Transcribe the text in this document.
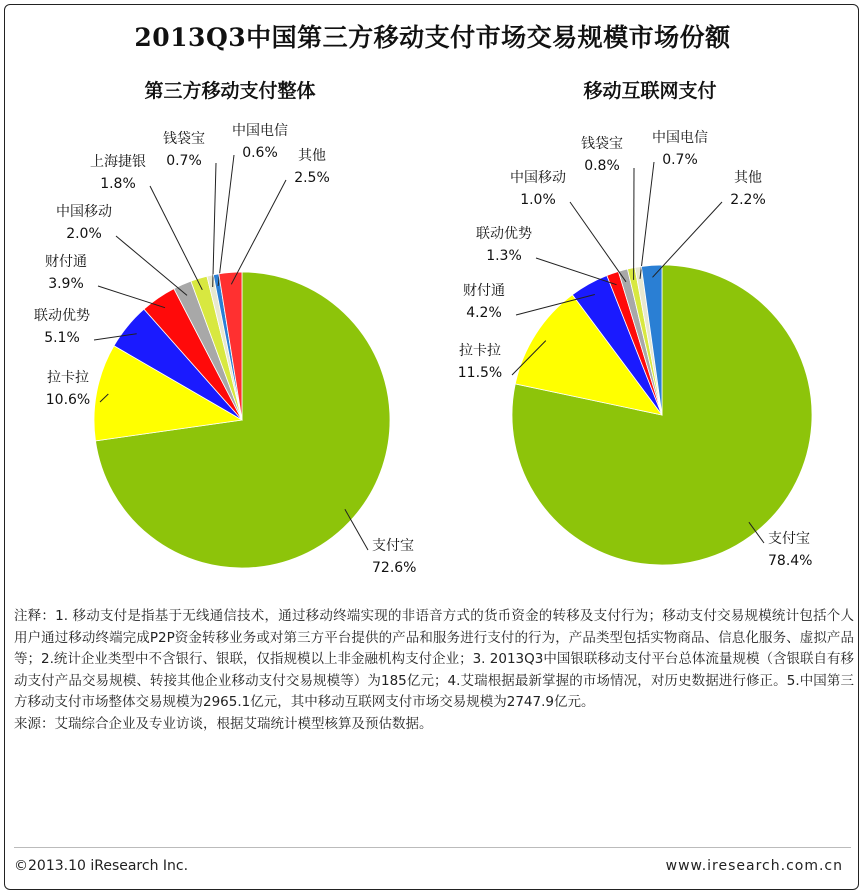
2013Q3中国第三方移动支付市场交易规模市场份额
第三方移动支付整体	移动互联网支付
支付宝
72.6%
拉卡拉
10.6%
联动优势
5.1%
财付通
3.9%
中国移动
2.0%
上海捷银
1.8%
钱袋宝
0.7%
中国电信
0.6% 其他
2.5%
支付宝
78.4%
拉卡拉
11.5%
财付通
4.2%
联动优势
1.3%
中国移动
1.0%
钱袋宝
0.8%
中国电信
0.7%
其他
2.2%

注释：1. 移动支付是指基于无线通信技术，通过移动终端实现的非语音方式的货币资金的转移及支付行为；移动支付交易规模统计包括个人用户通过移动终端完成P2P资金转移业务或对第三方平台提供的产品和服务进行支付的行为，产品类型包括实物商品、信息化服务、虚拟产品等；2.统计企业类型中不含银行、银联，仅指规模以上非金融机构支付企业；3. 2013Q3中国银联移动支付平台总体流量规模（含银联自有移动支付产品交易规模、转接其他企业移动支付交易规模等）为185亿元；4.艾瑞根据最新掌握的市场情况，对历史数据进行修正。5.中国第三方移动支付市场整体交易规模为2965.1亿元，其中移动互联网支付市场交易规模为2747.9亿元。

来源：艾瑞综合企业及专业访谈，根据艾瑞统计模型核算及预估数据。

©2013.10 iResearch Inc.	www.iresearch.com.cn
